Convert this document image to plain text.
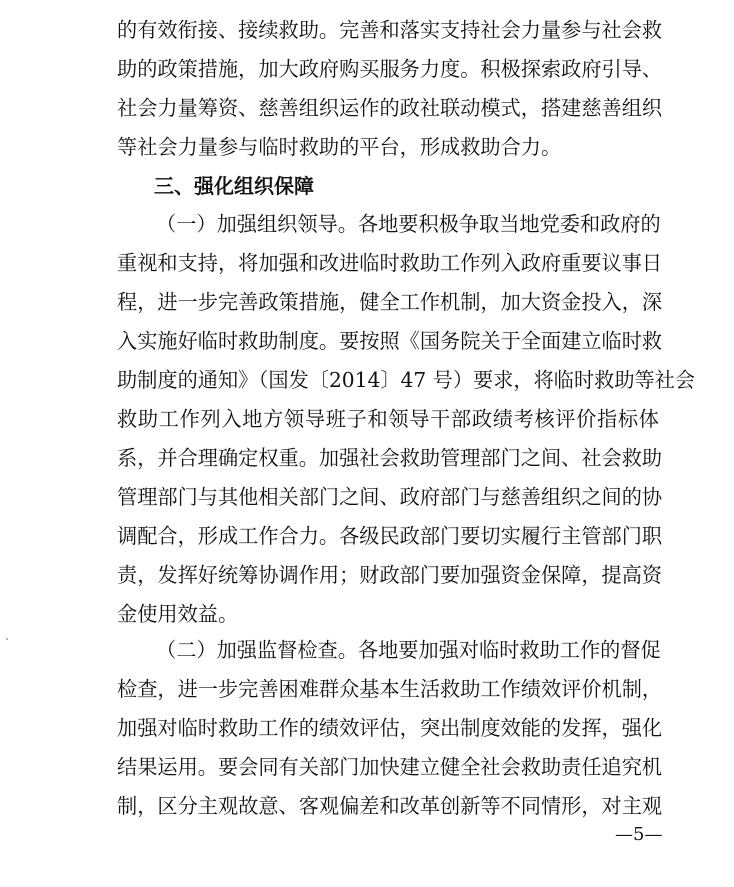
的有效衔接、接续救助。完善和落实支持社会力量参与社会救
助的政策措施，加大政府购买服务力度。积极探索政府引导、
社会力量筹资、慈善组织运作的政社联动模式，搭建慈善组织
等社会力量参与临时救助的平台，形成救助合力。
三、强化组织保障
（一）加强组织领导。各地要积极争取当地党委和政府的
重视和支持，将加强和改进临时救助工作列入政府重要议事日
程，进一步完善政策措施，健全工作机制，加大资金投入，深
入实施好临时救助制度。要按照《国务院关于全面建立临时救
助制度的通知》（国发〔2014〕47 号）要求，将临时救助等社会
救助工作列入地方领导班子和领导干部政绩考核评价指标体
系，并合理确定权重。加强社会救助管理部门之间、社会救助
管理部门与其他相关部门之间、政府部门与慈善组织之间的协
调配合，形成工作合力。各级民政部门要切实履行主管部门职
责，发挥好统筹协调作用；财政部门要加强资金保障，提高资
金使用效益。
（二）加强监督检查。各地要加强对临时救助工作的督促
检查，进一步完善困难群众基本生活救助工作绩效评价机制，
加强对临时救助工作的绩效评估，突出制度效能的发挥，强化
结果运用。要会同有关部门加快建立健全社会救助责任追究机
制，区分主观故意、客观偏差和改革创新等不同情形，对主观
—5—
